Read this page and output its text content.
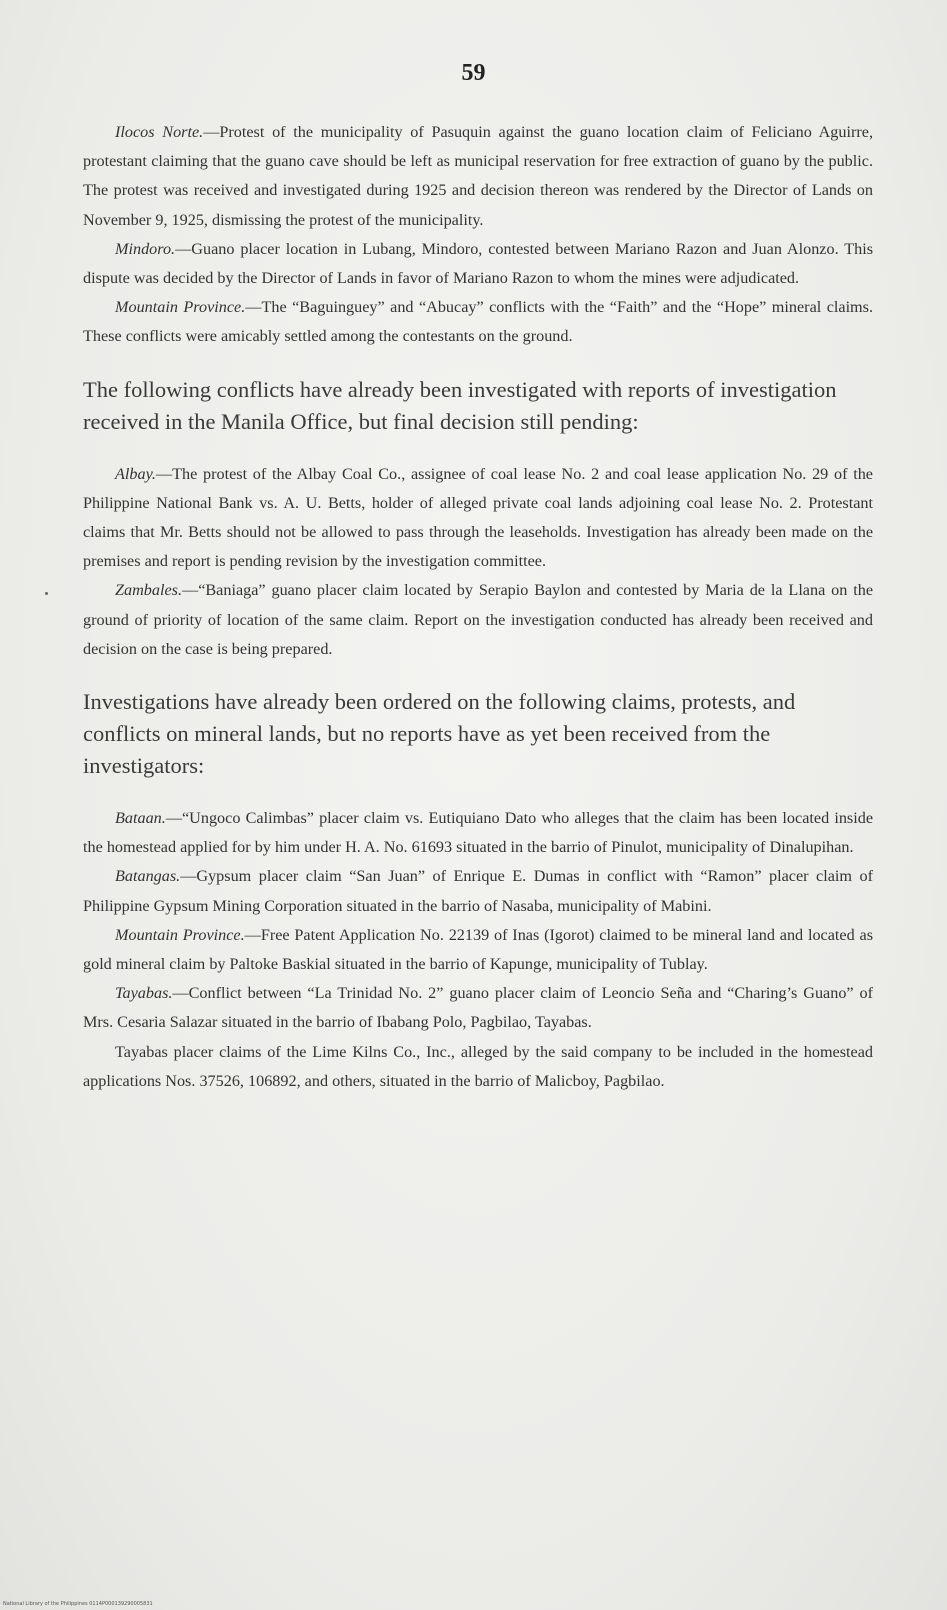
59

Ilocos Norte.—Protest of the municipality of Pasuquin against the guano location claim of Feliciano Aguirre, protestant claiming that the guano cave should be left as municipal reservation for free extraction of guano by the public. The protest was received and investigated during 1925 and decision thereon was rendered by the Director of Lands on November 9, 1925, dismissing the protest of the municipality.

Mindoro.—Guano placer location in Lubang, Mindoro, contested between Mariano Razon and Juan Alonzo. This dispute was decided by the Director of Lands in favor of Mariano Razon to whom the mines were adjudicated.

Mountain Province.—The “Baguinguey” and “Abucay” conflicts with the “Faith” and the “Hope” mineral claims. These conflicts were amicably settled among the contestants on the ground.

The following conflicts have already been investigated with reports of investigation received in the Manila Office, but final decision still pending:

Albay.—The protest of the Albay Coal Co., assignee of coal lease No. 2 and coal lease application No. 29 of the Philippine National Bank vs. A. U. Betts, holder of alleged private coal lands adjoining coal lease No. 2. Protestant claims that Mr. Betts should not be allowed to pass through the leaseholds. Investigation has already been made on the premises and report is pending revision by the investigation committee.

Zambales.—“Baniaga” guano placer claim located by Serapio Baylon and contested by Maria de la Llana on the ground of priority of location of the same claim. Report on the investigation conducted has already been received and decision on the case is being prepared.

Investigations have already been ordered on the following claims, protests, and conflicts on mineral lands, but no reports have as yet been received from the investigators:

Bataan.—“Ungoco Calimbas” placer claim vs. Eutiquiano Dato who alleges that the claim has been located inside the homestead applied for by him under H. A. No. 61693 situated in the barrio of Pinulot, municipality of Dinalupihan.

Batangas.—Gypsum placer claim “San Juan” of Enrique E. Dumas in conflict with “Ramon” placer claim of Philippine Gypsum Mining Corporation situated in the barrio of Nasaba, municipality of Mabini.

Mountain Province.—Free Patent Application No. 22139 of Inas (Igorot) claimed to be mineral land and located as gold mineral claim by Paltoke Baskial situated in the barrio of Kapunge, municipality of Tublay.

Tayabas.—Conflict between “La Trinidad No. 2” guano placer claim of Leoncio Seña and “Charing’s Guano” of Mrs. Cesaria Salazar situated in the barrio of Ibabang Polo, Pagbilao, Tayabas.

Tayabas placer claims of the Lime Kilns Co., Inc., alleged by the said company to be included in the homestead applications Nos. 37526, 106892, and others, situated in the barrio of Malicboy, Pagbilao.

National Library of the Philippines 0114P000139290005831
